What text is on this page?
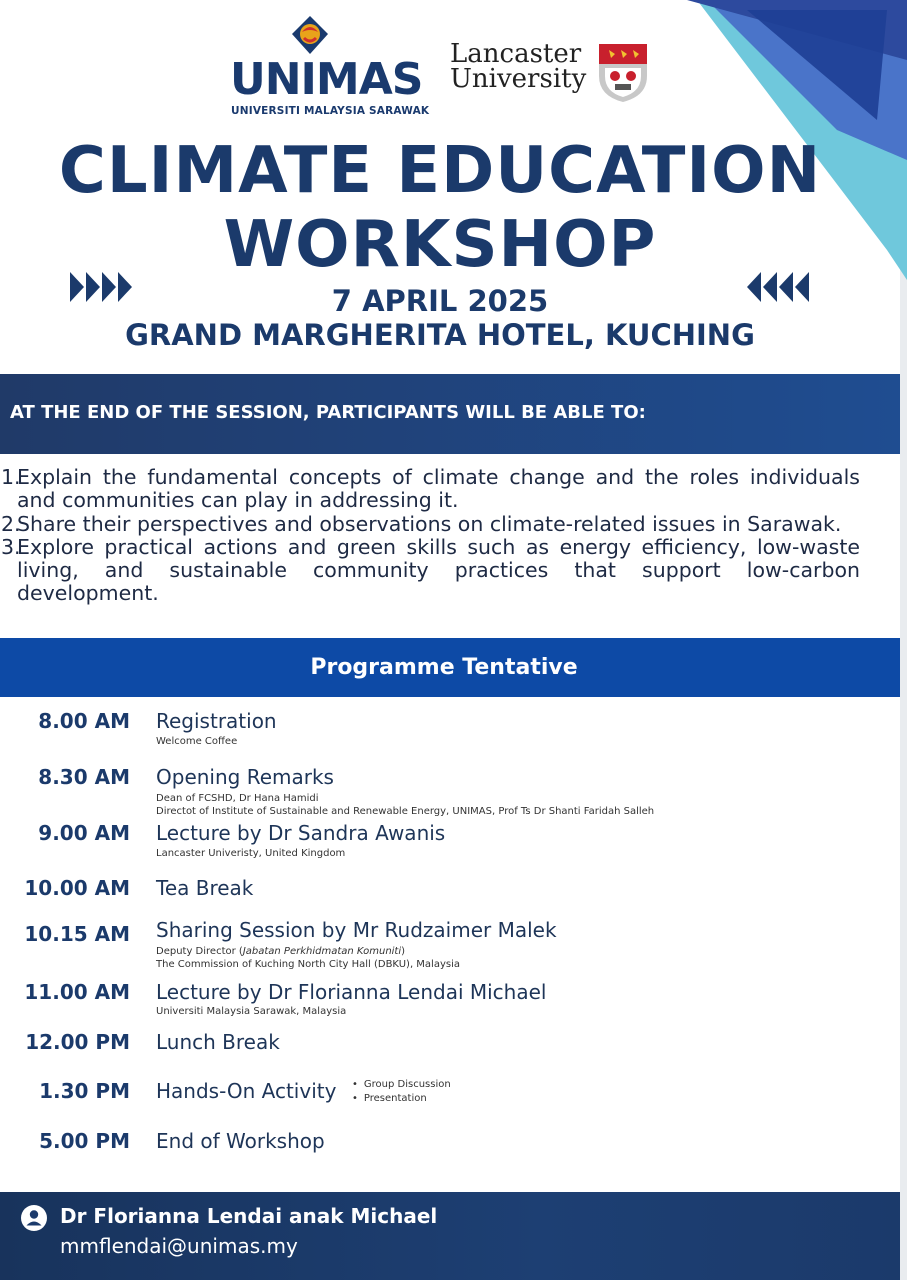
UNIMAS
UNIVERSITI MALAYSIA SARAWAK
Lancaster
University
CLIMATE EDUCATION
WORKSHOP
7 APRIL 2025
GRAND MARGHERITA HOTEL, KUCHING
AT THE END OF THE SESSION, PARTICIPANTS WILL BE ABLE TO:
1.
Explain the fundamental concepts of climate change and the roles individuals and communities can play in addressing it.
2.
Share their perspectives and observations on climate-related issues in Sarawak.
3.
Explore practical actions and green skills such as energy efficiency, low-waste living, and sustainable community practices that support low-carbon development.
Programme Tentative
8.00 AM Registration
Welcome Coffee
8.30 AM Opening Remarks
Dean of FCSHD, Dr Hana Hamidi
Directot of Institute of Sustainable and Renewable Energy, UNIMAS, Prof Ts Dr Shanti Faridah Salleh
9.00 AM Lecture by Dr Sandra Awanis
Lancaster Univeristy, United Kingdom
10.00 AM Tea Break
10.15 AM Sharing Session by Mr Rudzaimer Malek
Deputy Director (Jabatan Perkhidmatan Komuniti)
The Commission of Kuching North City Hall (DBKU), Malaysia
11.00 AM Lecture by Dr Florianna Lendai Michael
Universiti Malaysia Sarawak, Malaysia
12.00 PM Lunch Break
1.30 PM Hands-On Activity
•	Group Discussion
• Presentation
5.00 PM End of Workshop
Dr Florianna Lendai anak Michael
mmflendai@unimas.my
